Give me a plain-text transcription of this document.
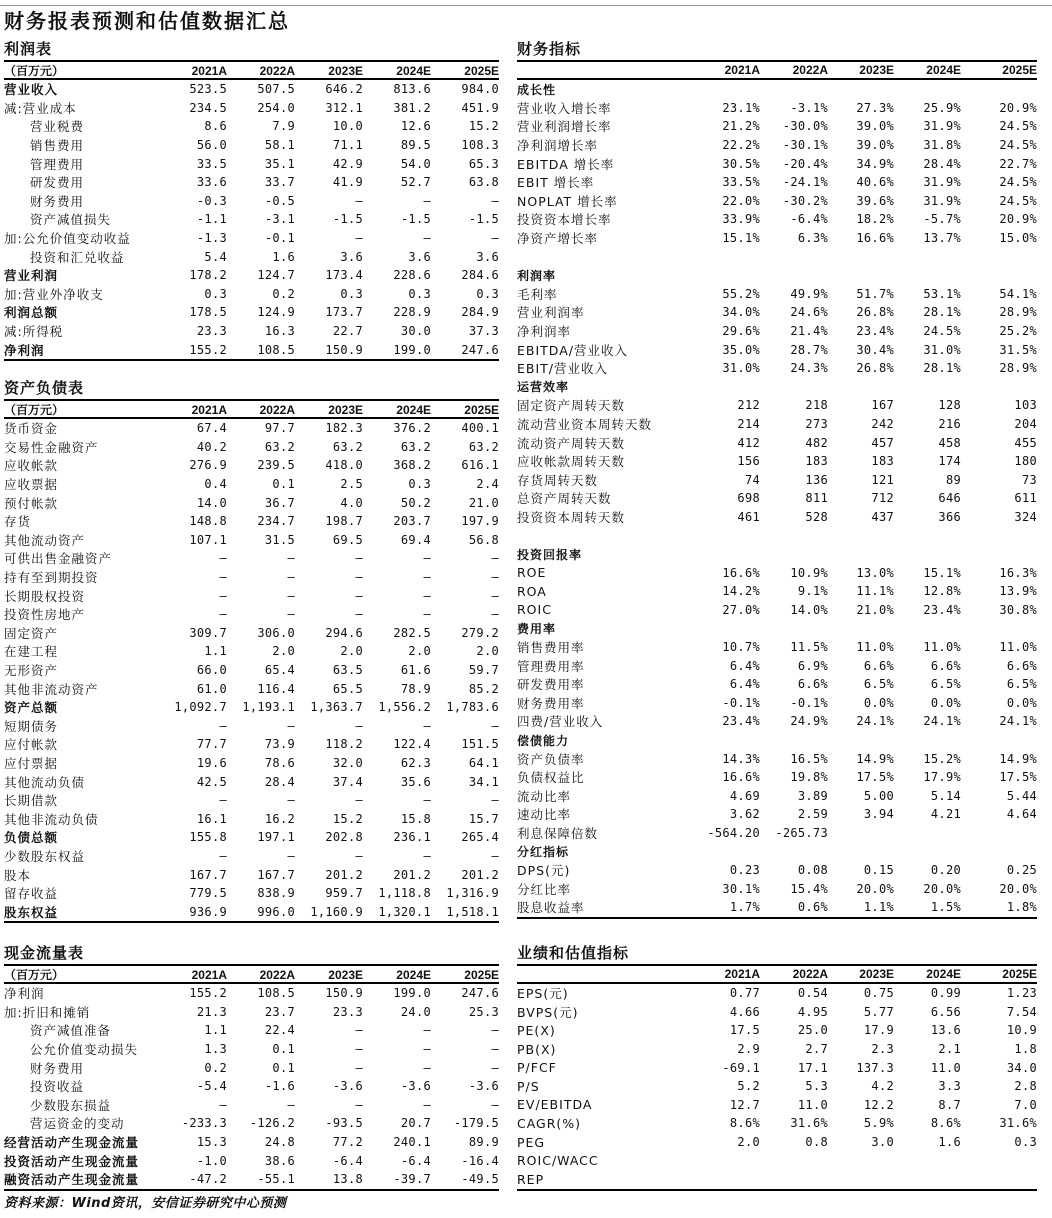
财务报表预测和估值数据汇总
利润表
（百万元）	2021A	2022A	2023E	2024E	2025E
营业收入	523.5	507.5	646.2	813.6	984.0
减:营业成本	234.5	254.0	312.1	381.2	451.9
营业税费	8.6	7.9	10.0	12.6	15.2
销售费用	56.0	58.1	71.1	89.5	108.3
管理费用	33.5	35.1	42.9	54.0	65.3
研发费用	33.6	33.7	41.9	52.7	63.8
财务费用	-0.3	-0.5	–	–	–
资产减值损失	-1.1	-3.1	-1.5	-1.5	-1.5
加:公允价值变动收益	-1.3	-0.1	–	–	–
投资和汇兑收益	5.4	1.6	3.6	3.6	3.6
营业利润	178.2	124.7	173.4	228.6	284.6
加:营业外净收支	0.3	0.2	0.3	0.3	0.3
利润总额	178.5	124.9	173.7	228.9	284.9
减:所得税	23.3	16.3	22.7	30.0	37.3
净利润	155.2	108.5	150.9	199.0	247.6
资产负债表
（百万元）	2021A	2022A	2023E	2024E	2025E
货币资金	67.4	97.7	182.3	376.2	400.1
交易性金融资产	40.2	63.2	63.2	63.2	63.2
应收帐款	276.9	239.5	418.0	368.2	616.1
应收票据	0.4	0.1	2.5	0.3	2.4
预付帐款	14.0	36.7	4.0	50.2	21.0
存货	148.8	234.7	198.7	203.7	197.9
其他流动资产	107.1	31.5	69.5	69.4	56.8
可供出售金融资产	–	–	–	–	–
持有至到期投资	–	–	–	–	–
长期股权投资	–	–	–	–	–
投资性房地产	–	–	–	–	–
固定资产	309.7	306.0	294.6	282.5	279.2
在建工程	1.1	2.0	2.0	2.0	2.0
无形资产	66.0	65.4	63.5	61.6	59.7
其他非流动资产	61.0	116.4	65.5	78.9	85.2
资产总额	1,092.7	1,193.1	1,363.7	1,556.2	1,783.6
短期债务	–	–	–	–	–
应付帐款	77.7	73.9	118.2	122.4	151.5
应付票据	19.6	78.6	32.0	62.3	64.1
其他流动负债	42.5	28.4	37.4	35.6	34.1
长期借款	–	–	–	–	–
其他非流动负债	16.1	16.2	15.2	15.8	15.7
负债总额	155.8	197.1	202.8	236.1	265.4
少数股东权益	–	–	–	–	–
股本	167.7	167.7	201.2	201.2	201.2
留存收益	779.5	838.9	959.7	1,118.8	1,316.9
股东权益	936.9	996.0	1,160.9	1,320.1	1,518.1
现金流量表
（百万元）	2021A	2022A	2023E	2024E	2025E
净利润	155.2	108.5	150.9	199.0	247.6
加:折旧和摊销	21.3	23.7	23.3	24.0	25.3
资产减值准备	1.1	22.4	–	–	–
公允价值变动损失	1.3	0.1	–	–	–
财务费用	0.2	0.1	–	–	–
投资收益	-5.4	-1.6	-3.6	-3.6	-3.6
少数股东损益	–	–	–	–	–
营运资金的变动	-233.3	-126.2	-93.5	20.7	-179.5
经营活动产生现金流量	15.3	24.8	77.2	240.1	89.9
投资活动产生现金流量	-1.0	38.6	-6.4	-6.4	-16.4
融资活动产生现金流量	-47.2	-55.1	13.8	-39.7	-49.5
财务指标
2021A	2022A	2023E	2024E	2025E
成长性
营业收入增长率	23.1%	-3.1%	27.3%	25.9%	20.9%
营业利润增长率	21.2%	-30.0%	39.0%	31.9%	24.5%
净利润增长率	22.2%	-30.1%	39.0%	31.8%	24.5%
EBITDA 增长率	30.5%	-20.4%	34.9%	28.4%	22.7%
EBIT 增长率	33.5%	-24.1%	40.6%	31.9%	24.5%
NOPLAT 增长率	22.0%	-30.2%	39.6%	31.9%	24.5%
投资资本增长率	33.9%	-6.4%	18.2%	-5.7%	20.9%
净资产增长率	15.1%	6.3%	16.6%	13.7%	15.0%
利润率
毛利率	55.2%	49.9%	51.7%	53.1%	54.1%
营业利润率	34.0%	24.6%	26.8%	28.1%	28.9%
净利润率	29.6%	21.4%	23.4%	24.5%	25.2%
EBITDA/营业收入	35.0%	28.7%	30.4%	31.0%	31.5%
EBIT/营业收入	31.0%	24.3%	26.8%	28.1%	28.9%
运营效率
固定资产周转天数	212	218	167	128	103
流动营业资本周转天数	214	273	242	216	204
流动资产周转天数	412	482	457	458	455
应收帐款周转天数	156	183	183	174	180
存货周转天数	74	136	121	89	73
总资产周转天数	698	811	712	646	611
投资资本周转天数	461	528	437	366	324
投资回报率
ROE	16.6%	10.9%	13.0%	15.1%	16.3%
ROA	14.2%	9.1%	11.1%	12.8%	13.9%
ROIC	27.0%	14.0%	21.0%	23.4%	30.8%
费用率
销售费用率	10.7%	11.5%	11.0%	11.0%	11.0%
管理费用率	6.4%	6.9%	6.6%	6.6%	6.6%
研发费用率	6.4%	6.6%	6.5%	6.5%	6.5%
财务费用率	-0.1%	-0.1%	0.0%	0.0%	0.0%
四费/营业收入	23.4%	24.9%	24.1%	24.1%	24.1%
偿债能力
资产负债率	14.3%	16.5%	14.9%	15.2%	14.9%
负债权益比	16.6%	19.8%	17.5%	17.9%	17.5%
流动比率	4.69	3.89	5.00	5.14	5.44
速动比率	3.62	2.59	3.94	4.21	4.64
利息保障倍数	-564.20	-265.73
分红指标
DPS(元)	0.23	0.08	0.15	0.20	0.25
分红比率	30.1%	15.4%	20.0%	20.0%	20.0%
股息收益率	1.7%	0.6%	1.1%	1.5%	1.8%
业绩和估值指标
2021A	2022A	2023E	2024E	2025E
EPS(元)	0.77	0.54	0.75	0.99	1.23
BVPS(元)	4.66	4.95	5.77	6.56	7.54
PE(X)	17.5	25.0	17.9	13.6	10.9
PB(X)	2.9	2.7	2.3	2.1	1.8
P/FCF	-69.1	17.1	137.3	11.0	34.0
P/S	5.2	5.3	4.2	3.3	2.8
EV/EBITDA	12.7	11.0	12.2	8.7	7.0
CAGR(%)	8.6%	31.6%	5.9%	8.6%	31.6%
PEG	2.0	0.8	3.0	1.6	0.3
ROIC/WACC
REP
资料来源：Wind资讯，安信证券研究中心预测
